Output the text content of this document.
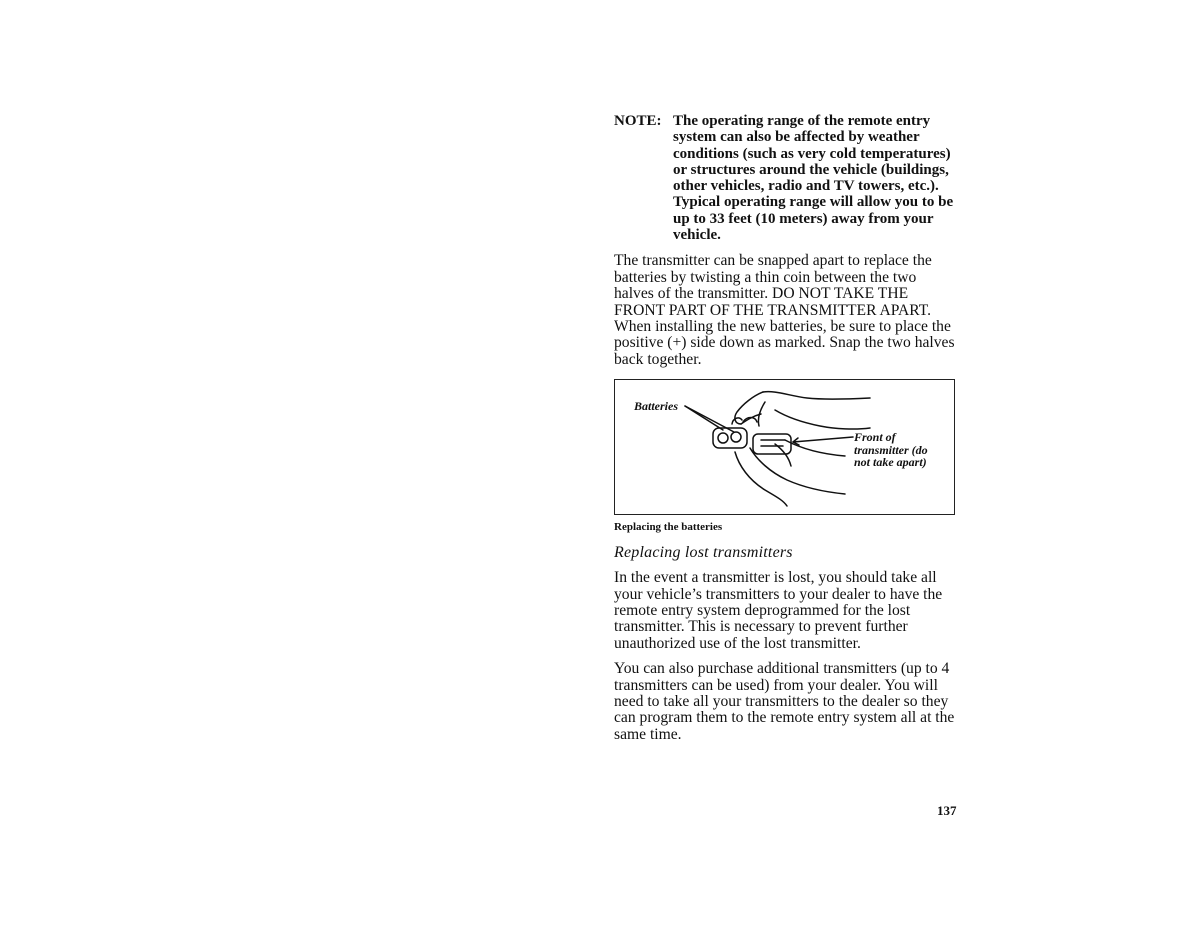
NOTE: The operating range of the remote entry system can also be affected by weather conditions (such as very cold temperatures) or structures around the vehicle (buildings, other vehicles, radio and TV towers, etc.). Typical operating range will allow you to be up to 33 feet (10 meters) away from your vehicle.
The transmitter can be snapped apart to replace the batteries by twisting a thin coin between the two halves of the transmitter. DO NOT TAKE THE FRONT PART OF THE TRANSMITTER APART. When installing the new batteries, be sure to place the positive (+) side down as marked. Snap the two halves back together.
Batteries
Front of transmitter (do not take apart)
Replacing the batteries
Replacing lost transmitters
In the event a transmitter is lost, you should take all your vehicle’s transmitters to your dealer to have the remote entry system deprogrammed for the lost transmitter. This is necessary to prevent further unauthorized use of the lost transmitter.
You can also purchase additional transmitters (up to 4 transmitters can be used) from your dealer. You will need to take all your transmitters to the dealer so they can program them to the remote entry system all at the same time.
137
